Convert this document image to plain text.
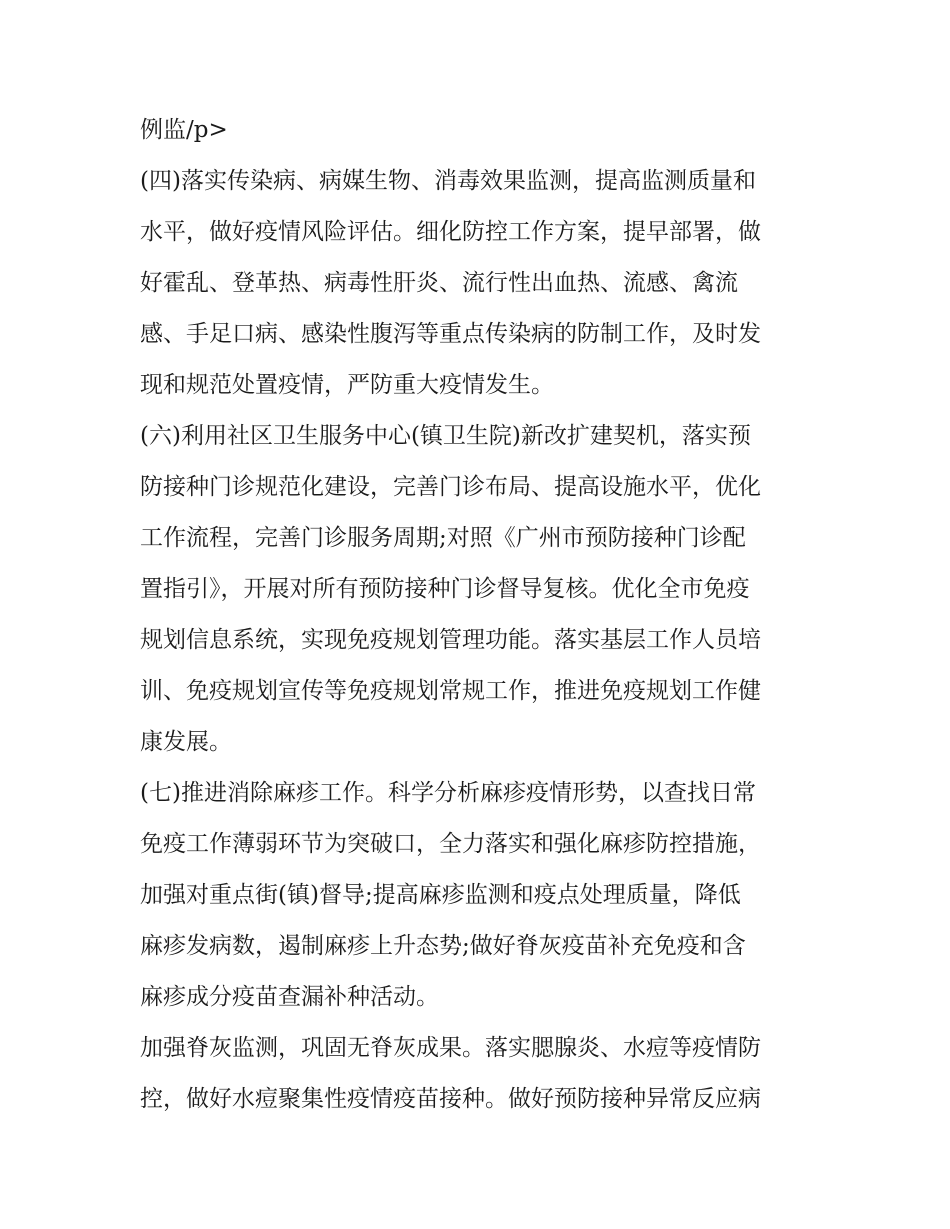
例监/p>
(四)落实传染病、病媒生物、消毒效果监测，提高监测质量和
水平，做好疫情风险评估。细化防控工作方案，提早部署，做
好霍乱、登革热、病毒性肝炎、流行性出血热、流感、禽流
感、手足口病、感染性腹泻等重点传染病的防制工作，及时发
现和规范处置疫情，严防重大疫情发生。
(六)利用社区卫生服务中心(镇卫生院)新改扩建契机，落实预
防接种门诊规范化建设，完善门诊布局、提高设施水平，优化
工作流程，完善门诊服务周期;对照《广州市预防接种门诊配
置指引》，开展对所有预防接种门诊督导复核。优化全市免疫
规划信息系统，实现免疫规划管理功能。落实基层工作人员培
训、免疫规划宣传等免疫规划常规工作，推进免疫规划工作健
康发展。
(七)推进消除麻疹工作。科学分析麻疹疫情形势，以查找日常
免疫工作薄弱环节为突破口，全力落实和强化麻疹防控措施，
加强对重点街(镇)督导;提高麻疹监测和疫点处理质量，降低
麻疹发病数，遏制麻疹上升态势;做好脊灰疫苗补充免疫和含
麻疹成分疫苗查漏补种活动。
加强脊灰监测，巩固无脊灰成果。落实腮腺炎、水痘等疫情防
控，做好水痘聚集性疫情疫苗接种。做好预防接种异常反应病
